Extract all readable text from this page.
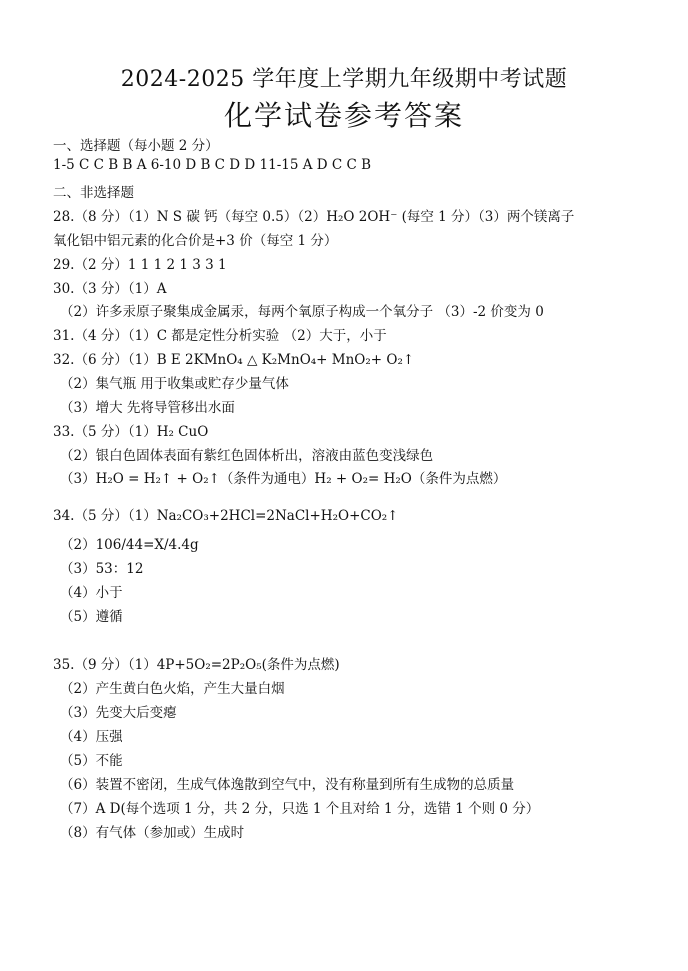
2024-2025 学年度上学期九年级期中考试题
化学试卷参考答案
一、选择题（每小题 2 分）
1-5 C C B B A 6-10 D B C D D 11-15 A D C C B
二、非选择题
28.（8 分）（1）N S 碳 钙（每空 0.5）（2）H₂O 2OH⁻ (每空 1 分）（3）两个镁离子
氧化铝中铝元素的化合价是+3 价（每空 1 分）
29.（2 分）1 1 1 2 1 3 3 1
30.（3 分）（1）A
（2）许多汞原子聚集成金属汞，每两个氧原子构成一个氧分子 （3）-2 价变为 0
31.（4 分）（1）C 都是定性分析实验 （2）大于，小于
32.（6 分）（1）B E 2KMnO₄ △ K₂MnO₄+ MnO₂+ O₂↑
（2）集气瓶 用于收集或贮存少量气体
（3）增大 先将导管移出水面
33.（5 分）（1）H₂ CuO
（2）银白色固体表面有紫红色固体析出，溶液由蓝色变浅绿色
（3）H₂O = H₂↑ + O₂↑（条件为通电）H₂ + O₂= H₂O（条件为点燃）
34.（5 分）（1）Na₂CO₃+2HCl=2NaCl+H₂O+CO₂↑
（2）106/44=X/4.4g
（3）53：12
（4）小于
（5）遵循
35.（9 分）（1）4P+5O₂=2P₂O₅(条件为点燃)
（2）产生黄白色火焰，产生大量白烟
（3）先变大后变瘪
（4）压强
（5）不能
（6）装置不密闭，生成气体逸散到空气中，没有称量到所有生成物的总质量
（7）A D(每个选项 1 分，共 2 分，只选 1 个且对给 1 分，选错 1 个则 0 分）
（8）有气体（参加或）生成时
